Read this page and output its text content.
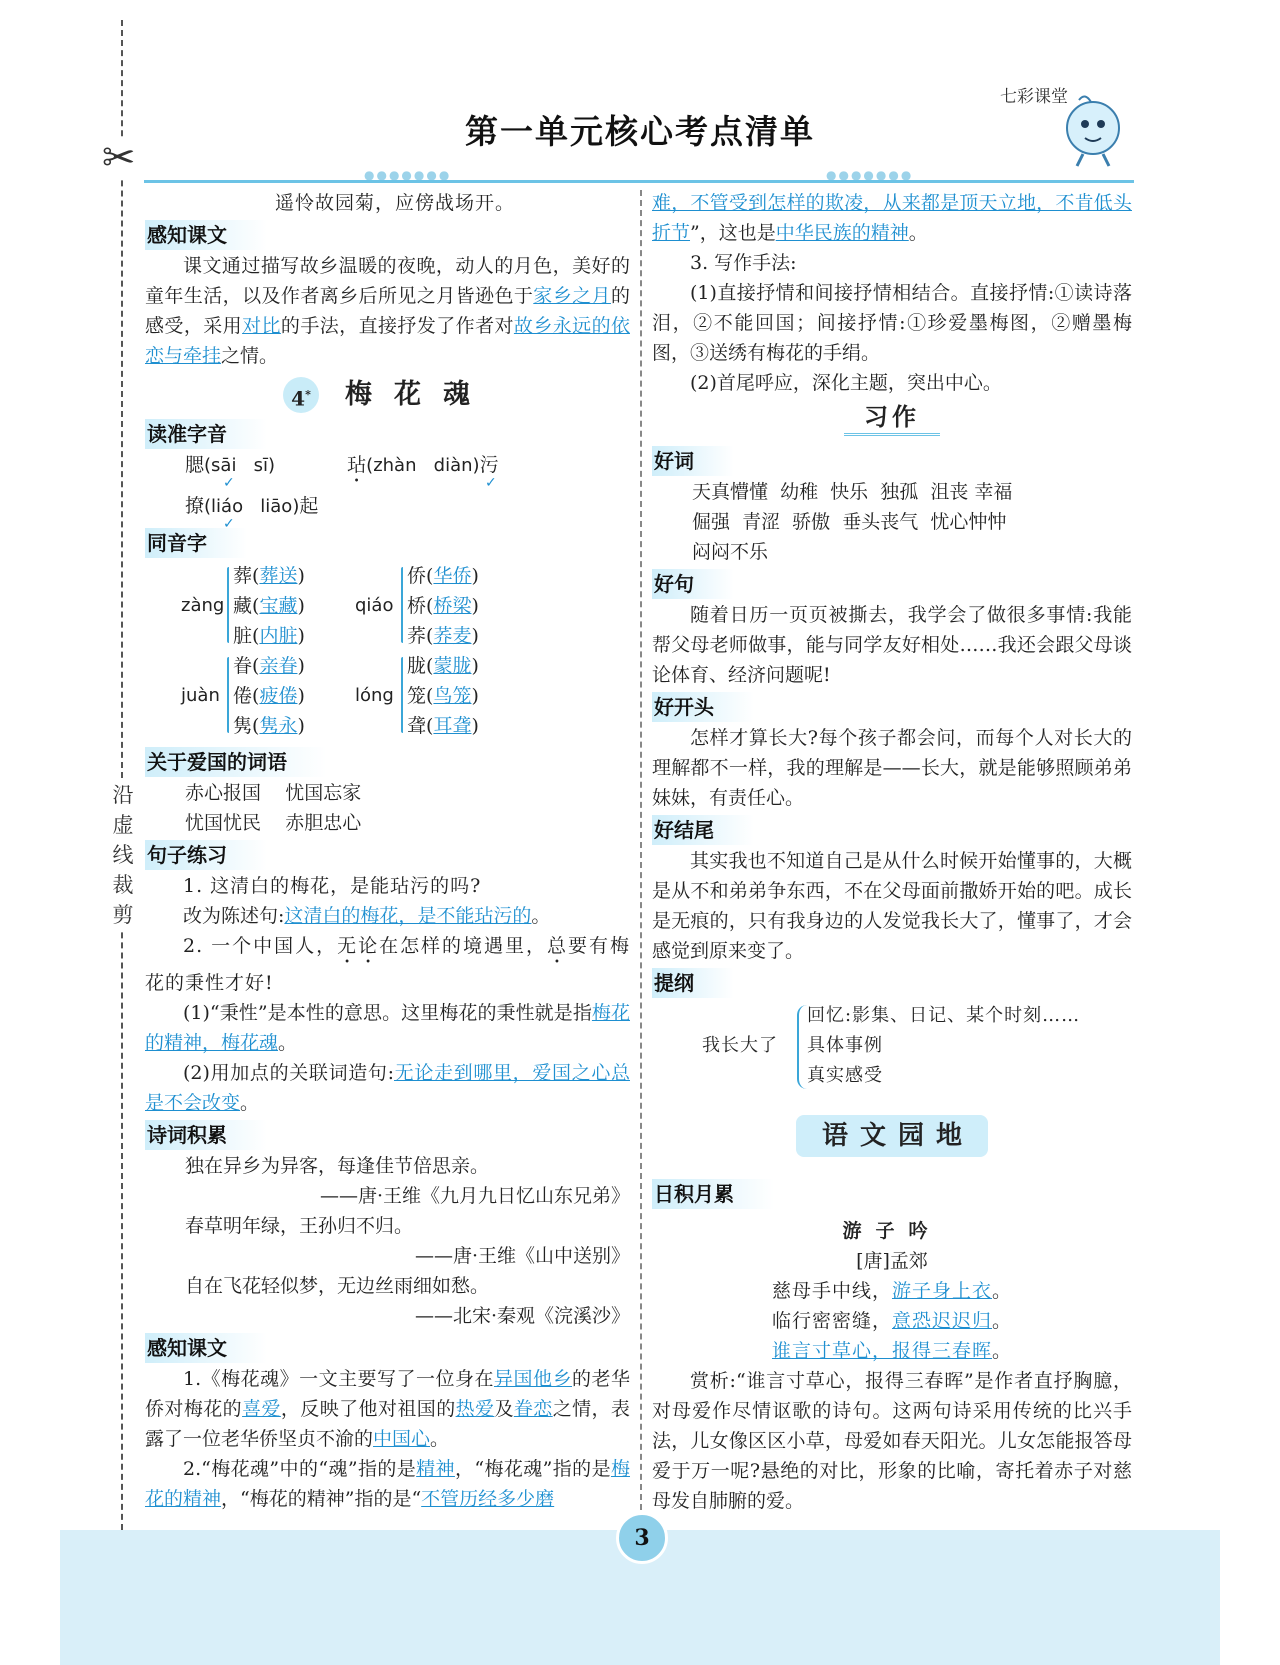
✂
沿虚线裁剪
●●●●●●●
第一单元核心考点清单
●●●●●●●
七彩课堂

遥怜故园菊，应傍战场开。

感知课文

课文通过描写故乡温暖的夜晚，动人的月色，美好的童年生活，以及作者离乡后所见之月皆逊色于家乡之月的感受，采用对比的手法，直接抒发了作者对故乡永远的依恋与牵挂之情。

4* 梅花魂
读准字音
腮(sāi sī)	玷(zhàn diàn)污
✓	✓
撩(liáo liāo)起
✓
同音字
zàng
葬(葬送)
藏(宝藏)
脏(内脏)
qiáo
侨(华侨)
桥(桥梁)
荞(荞麦)
juàn
眷(亲眷)
倦(疲倦)
隽(隽永)
lóng
胧(蒙胧)
笼(鸟笼)
聋(耳聋)
关于爱国的词语
赤心报国 忧国忘家
忧国忧民 赤胆忠心
句子练习

1. 这清白的梅花，是能玷污的吗?

改为陈述句:这清白的梅花，是不能玷污的。

2. 一个中国人，无论在怎样的境遇里，总要有梅花的秉性才好!

(1)“秉性”是本性的意思。这里梅花的秉性就是指梅花的精神，梅花魂。

(2)用加点的关联词造句:无论走到哪里，爱国之心总是不会改变。

诗词积累

独在异乡为异客，每逢佳节倍思亲。

——唐·王维《九月九日忆山东兄弟》

春草明年绿，王孙归不归。

——唐·王维《山中送别》

自在飞花轻似梦，无边丝雨细如愁。

——北宋·秦观《浣溪沙》

感知课文

1.《梅花魂》一文主要写了一位身在异国他乡的老华侨对梅花的喜爱，反映了他对祖国的热爱及眷恋之情，表露了一位老华侨坚贞不渝的中国心。

2.“梅花魂”中的“魂”指的是精神，“梅花魂”指的是梅花的精神，“梅花的精神”指的是“不管历经多少磨

难，不管受到怎样的欺凌，从来都是顶天立地，不肯低头折节”，这也是中华民族的精神。

3. 写作手法:

(1)直接抒情和间接抒情相结合。直接抒情:①读诗落泪，②不能回国；间接抒情:①珍爱墨梅图，②赠墨梅图，③送绣有梅花的手绢。

(2)首尾呼应，深化主题，突出中心。

习作
好词

天真懵懂  幼稚  快乐  独孤  沮丧 幸福

倔强  青涩  骄傲  垂头丧气  忧心忡忡

闷闷不乐

好句

随着日历一页页被撕去，我学会了做很多事情:我能帮父母老师做事，能与同学友好相处……我还会跟父母谈论体育、经济问题呢!

好开头

怎样才算长大?每个孩子都会问，而每个人对长大的理解都不一样，我的理解是——长大，就是能够照顾弟弟妹妹，有责任心。

好结尾

其实我也不知道自己是从什么时候开始懂事的，大概是从不和弟弟争东西，不在父母面前撒娇开始的吧。成长是无痕的，只有我身边的人发觉我长大了，懂事了，才会感觉到原来变了。

提纲
我长大了
回忆:影集、日记、某个时刻……
具体事例
真实感受
语文园地
日积月累

游子吟

[唐]孟郊

慈母手中线，游子身上衣。

临行密密缝，意恐迟迟归。

谁言寸草心，报得三春晖。

赏析:“谁言寸草心，报得三春晖”是作者直抒胸臆，对母爱作尽情讴歌的诗句。这两句诗采用传统的比兴手法，儿女像区区小草，母爱如春天阳光。儿女怎能报答母爱于万一呢?悬绝的对比，形象的比喻，寄托着赤子对慈母发自肺腑的爱。

3
